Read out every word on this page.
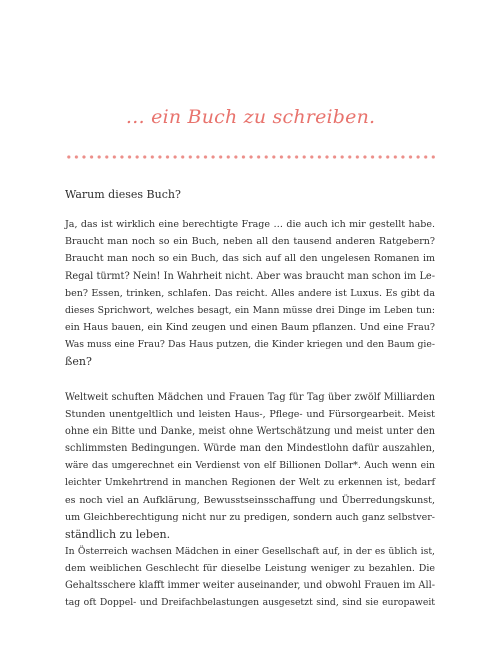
… ein Buch zu schreiben.

Warum dieses Buch?

Ja, das ist wirklich eine berechtigte Frage … die auch ich mir gestellt habe.
Braucht man noch so ein Buch, neben all den tausend anderen Ratgebern?
Braucht man noch so ein Buch, das sich auf all den ungelesen Romanen im
Regal türmt? Nein! In Wahrheit nicht. Aber was braucht man schon im Le-
ben? Essen, trinken, schlafen. Das reicht. Alles andere ist Luxus. Es gibt da
dieses Sprichwort, welches besagt, ein Mann müsse drei Dinge im Leben tun:
ein Haus bauen, ein Kind zeugen und einen Baum pflanzen. Und eine Frau?
Was muss eine Frau? Das Haus putzen, die Kinder kriegen und den Baum gie-
ßen?
Weltweit schuften Mädchen und Frauen Tag für Tag über zwölf Milliarden
Stunden unentgeltlich und leisten Haus-, Pflege- und Fürsorgearbeit. Meist
ohne ein Bitte und Danke, meist ohne Wertschätzung und meist unter den
schlimmsten Bedingungen. Würde man den Mindestlohn dafür auszahlen,
wäre das umgerechnet ein Verdienst von elf Billionen Dollar*. Auch wenn ein
leichter Umkehrtrend in manchen Regionen der Welt zu erkennen ist, bedarf
es noch viel an Aufklärung, Bewusstseinsschaffung und Überredungskunst,
um Gleichberechtigung nicht nur zu predigen, sondern auch ganz selbstver-
ständlich zu leben.
In Österreich wachsen Mädchen in einer Gesellschaft auf, in der es üblich ist,
dem weiblichen Geschlecht für dieselbe Leistung weniger zu bezahlen. Die
Gehaltsschere klafft immer weiter auseinander, und obwohl Frauen im All-
tag oft Doppel- und Dreifachbelastungen ausgesetzt sind, sind sie europaweit
